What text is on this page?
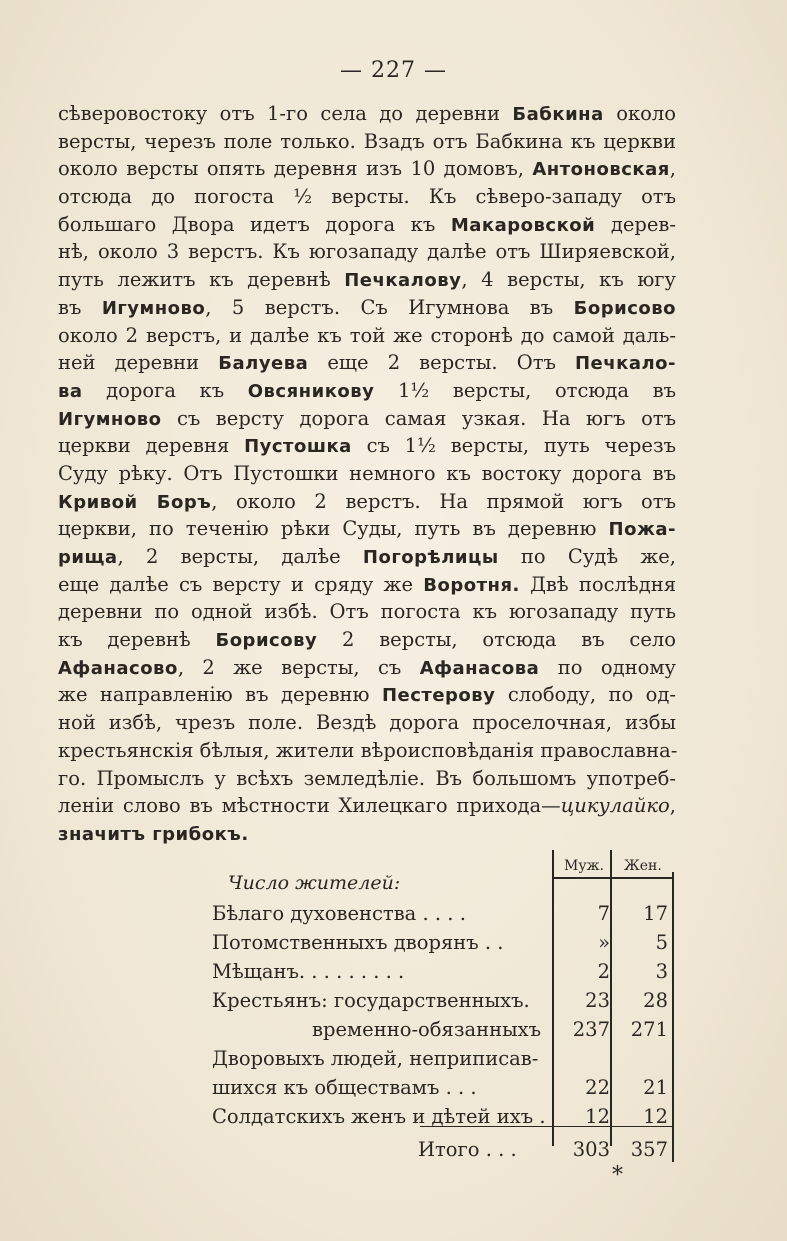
— 227 —
сѣверовостоку отъ 1-го села до деревни Бабкина около
версты, черезъ поле только. Взадъ отъ Бабкина къ церкви
около версты опять деревня изъ 10 домовъ, Антоновская,
отсюда до погоста ½ версты. Къ сѣверо-западу отъ
большаго Двора идетъ дорога къ Макаровской дерев-
нѣ, около 3 верстъ. Къ югозападу далѣе отъ Ширяевской,
путь лежитъ къ деревнѣ Печкалову, 4 версты, къ югу
въ Игумново, 5 верстъ. Съ Игумнова въ Борисово
около 2 верстъ, и далѣе къ той же сторонѣ до самой даль-
ней деревни Балуева еще 2 версты. Отъ Печкало-
ва дорога къ Овсяникову 1½ версты, отсюда въ
Игумново съ версту дорога самая узкая. На югъ отъ
церкви деревня Пустошка съ 1½ версты, путь черезъ
Суду рѣку. Отъ Пустошки немного къ востоку дорога въ
Кривой Боръ, около 2 верстъ. На прямой югъ отъ
церкви, по теченію рѣки Суды, путь въ деревню Пожа-
рища, 2 версты, далѣе Погорѣлицы по Судѣ же,
еще далѣе съ версту и сряду же Воротня. Двѣ послѣдня
деревни по одной избѣ. Отъ погоста къ югозападу путь
къ деревнѣ Борисову 2 версты, отсюда въ село
Афанасово, 2 же версты, съ Афанасова по одному
же направленію въ деревню Пестерову слободу, по од-
ной избѣ, чрезъ поле. Вездѣ дорога проселочная, избы
крестьянскія бѣлыя, жители вѣроисповѣданія православна-
го. Промыслъ у всѣхъ земледѣліе. Въ большомъ употреб-
леніи слово въ мѣстности Хилецкаго прихода—цикулайко,
значитъ грибокъ.
Муж. Жен.
Число жителей:
Бѣлаго духовенства . . . .	7	17
Потомственныхъ дворянъ . .	»	5
Мѣщанъ. . . . . . . . .	2	3
Крестьянъ: государственныхъ.	23	28
временно-обязанныхъ	237	271
Дворовыхъ людей, неприписав-
шихся къ обществамъ . . .	22	21
Солдатскихъ женъ и дѣтей ихъ .	12	12
Итого . . .	303	357
*
